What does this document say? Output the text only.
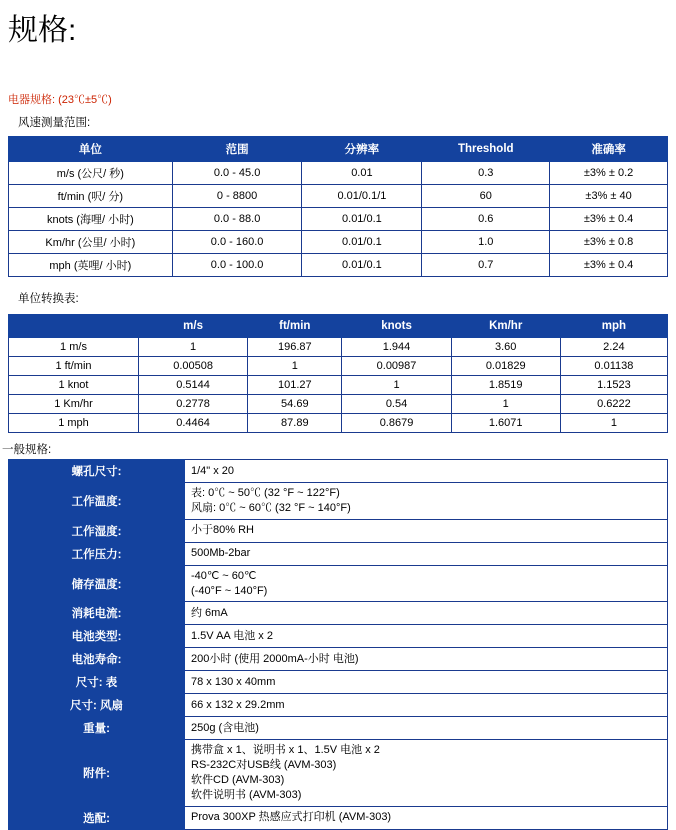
规格:
电器规格: (23℃±5℃)
风速测量范围:
单位	范围	分辨率	Threshold	准确率
m/s (公尺/ 秒)	0.0 - 45.0	0.01	0.3	±3% ± 0.2
ft/min (呎/ 分)	0 - 8800	0.01/0.1/1	60	±3% ± 40
knots (海哩/ 小时)	0.0 - 88.0	0.01/0.1	0.6	±3% ± 0.4
Km/hr (公里/ 小时)	0.0 - 160.0	0.01/0.1	1.0	±3% ± 0.8
mph (英哩/ 小时)	0.0 - 100.0	0.01/0.1	0.7	±3% ± 0.4
单位转换表:
	m/s	ft/min	knots	Km/hr	mph
1 m/s	1	196.87	1.944	3.60	2.24
1 ft/min	0.00508	1	0.00987	0.01829	0.01138
1 knot	0.5144	101.27	1	1.8519	1.1523
1 Km/hr	0.2778	54.69	0.54	1	0.6222
1 mph	0.4464	87.89	0.8679	1.6071	1
一般规格:
螺孔尺寸:	1/4" x 20

工作温度:	表: 0℃ ~ 50℃ (32 °F ~ 122°F)
风扇: 0℃ ~ 60℃ (32 °F ~ 140°F)

工作湿度:	小于80% RH

工作压力:	500Mb-2bar

储存温度:	-40℃ ~ 60℃
(-40°F ~ 140°F)

消耗电流:	约 6mA

电池类型:	1.5V AA 电池 x 2

电池寿命:	200小时 (使用 2000mA-小时 电池)

尺寸: 表	78 x 130 x 40mm

尺寸: 风扇	66 x 132 x 29.2mm

重量:	250g (含电池)

附件:	携带盒 x 1、说明书 x 1、1.5V 电池 x 2
RS-232C对USB线 (AVM-303)
软件CD (AVM-303)
软件说明书 (AVM-303)

选配:	Prova 300XP 热感应式打印机 (AVM-303)
